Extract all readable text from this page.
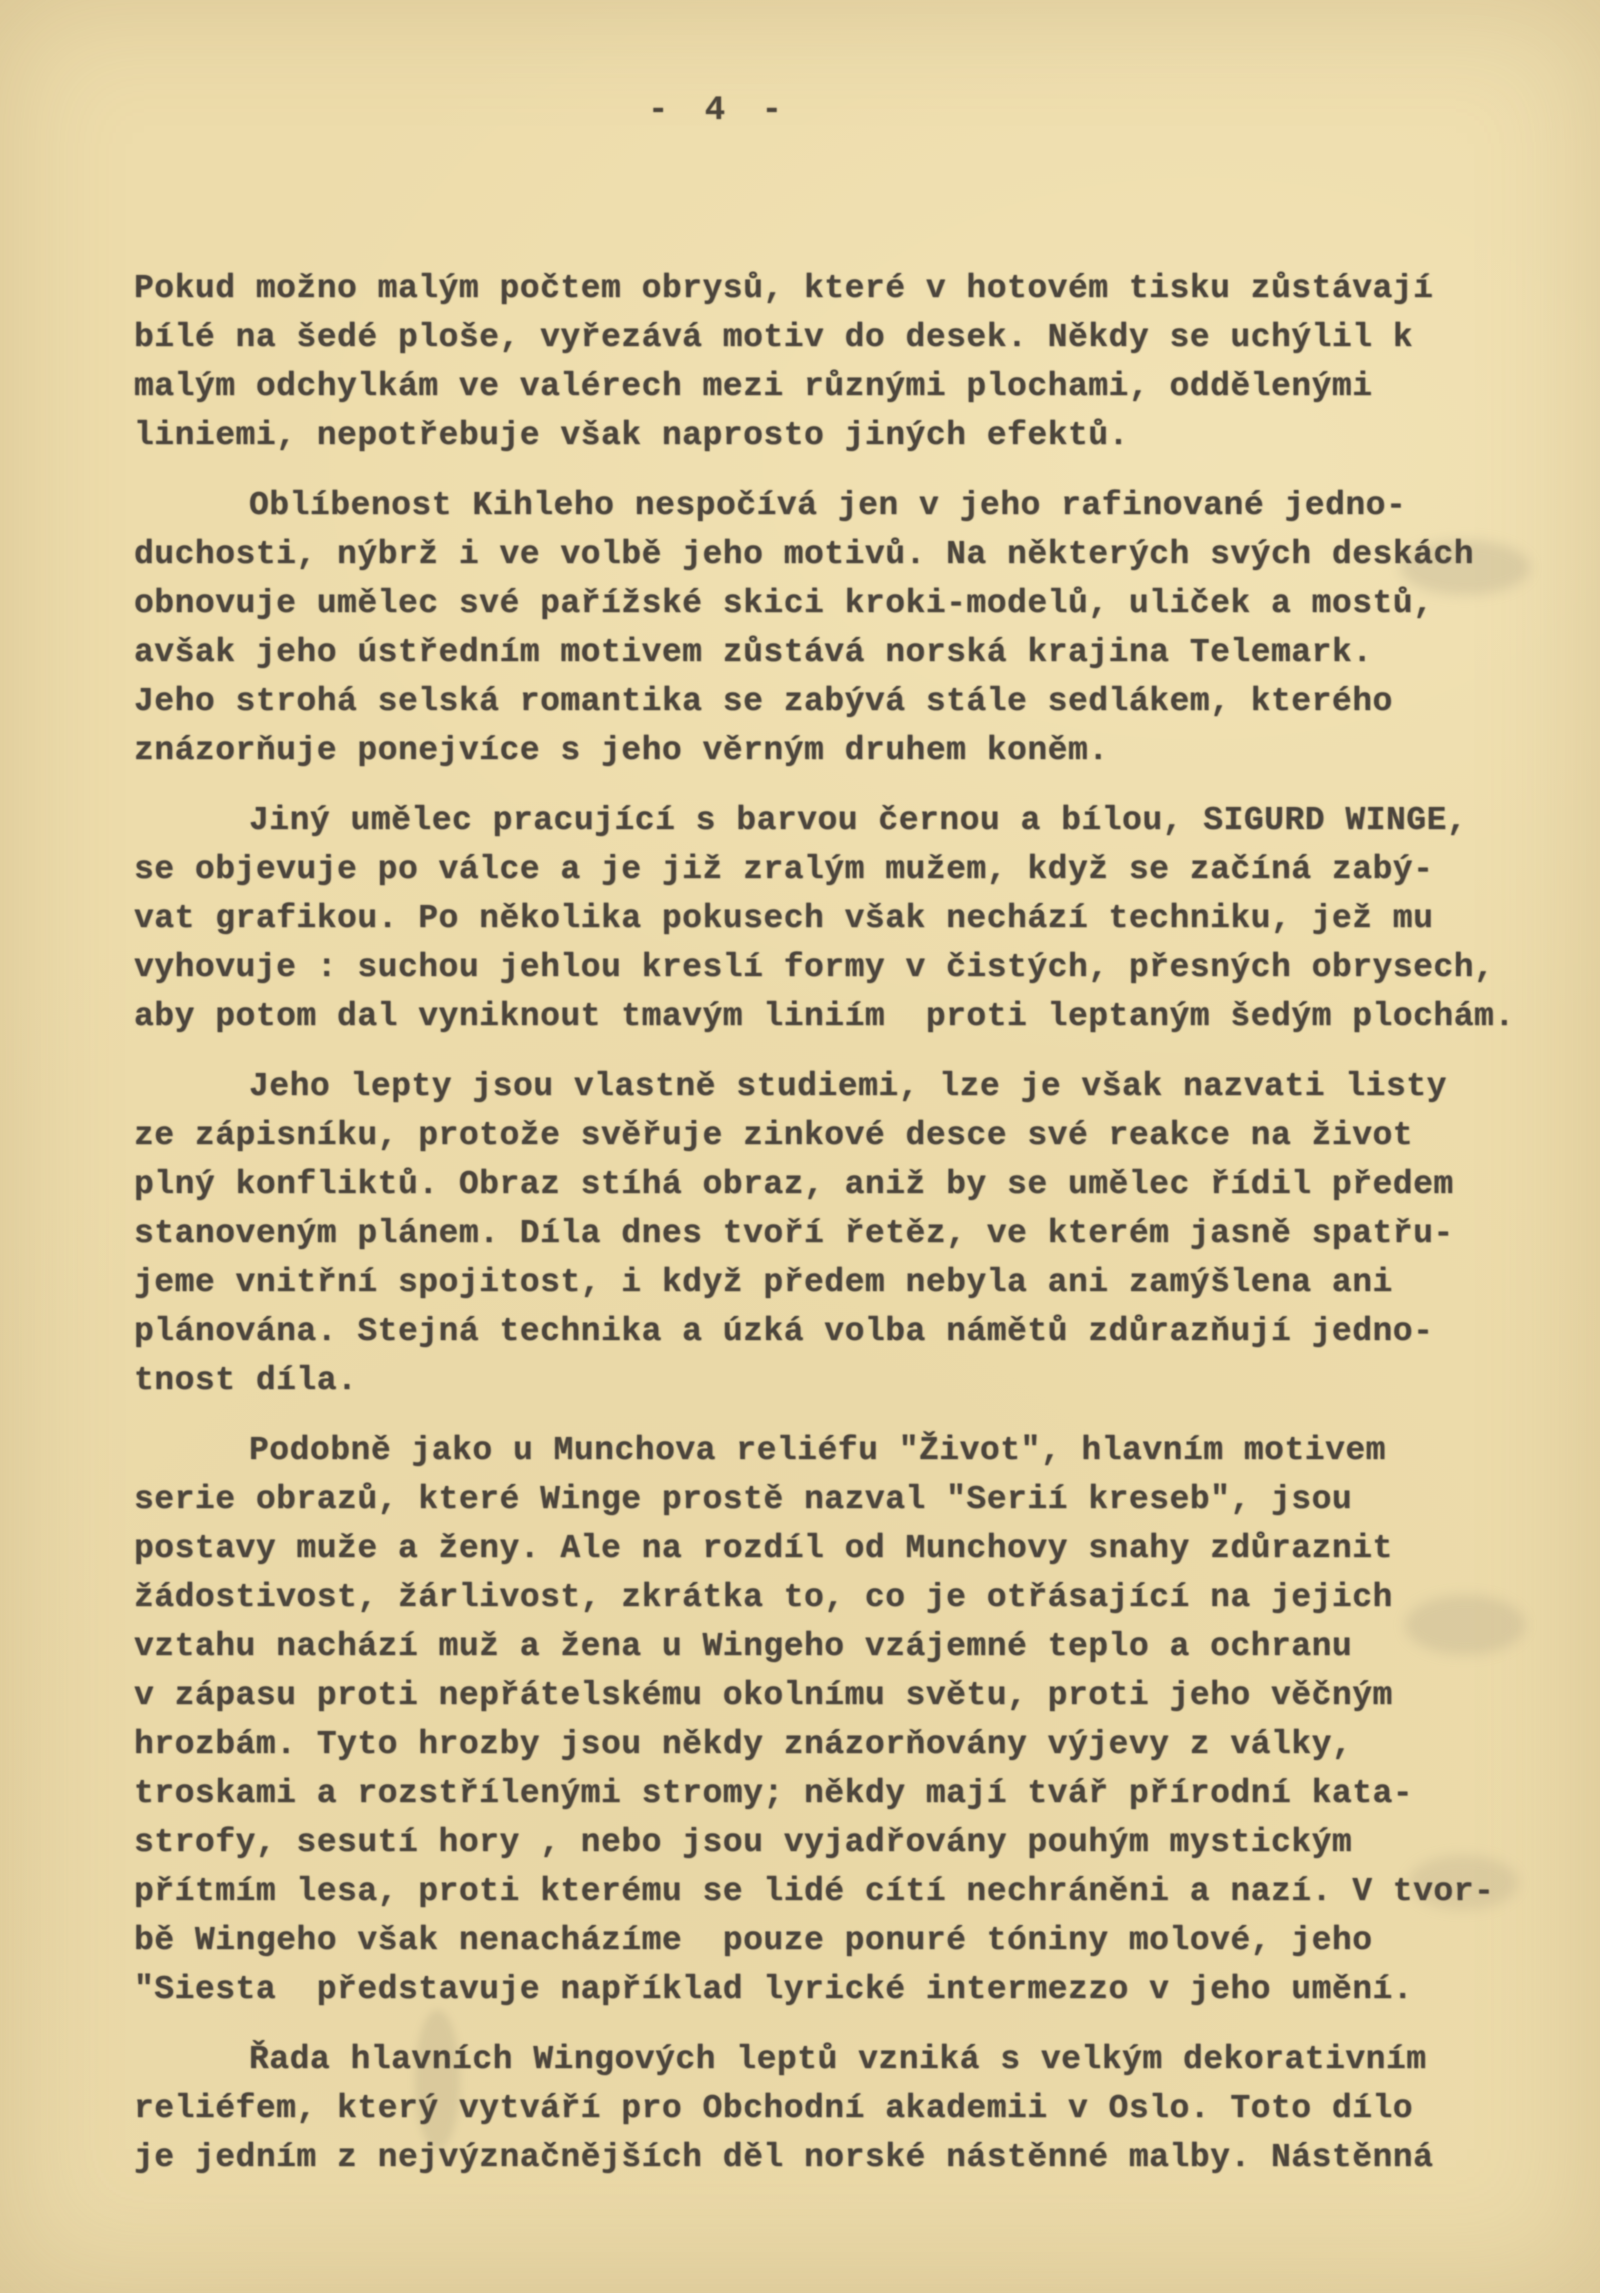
- 4 -

Pokud možno malým počtem obrysů, které v hotovém tisku zůstávají
bílé na šedé ploše, vyřezává motiv do desek. Někdy se uchýlil k
malým odchylkám ve valérech mezi různými plochami, oddělenými
liniemi, nepotřebuje však naprosto jiných efektů.

Oblíbenost Kihleho nespočívá jen v jeho rafinované jedno-
duchosti, nýbrž i ve volbě jeho motivů. Na některých svých deskách
obnovuje umělec své pařížské skici kroki-modelů, uliček a mostů,
avšak jeho ústředním motivem zůstává norská krajina Telemark.
Jeho strohá selská romantika se zabývá stále sedlákem, kterého
znázorňuje ponejvíce s jeho věrným druhem koněm.

Jiný umělec pracující s barvou černou a bílou, SIGURD WINGE,
se objevuje po válce a je již zralým mužem, když se začíná zabý-
vat grafikou. Po několika pokusech však nechází techniku, jež mu
vyhovuje : suchou jehlou kreslí formy v čistých, přesných obrysech,
aby potom dal vyniknout tmavým liniím  proti leptaným šedým plochám.

Jeho lepty jsou vlastně studiemi, lze je však nazvati listy
ze zápisníku, protože svěřuje zinkové desce své reakce na život
plný konfliktů. Obraz stíhá obraz, aniž by se umělec řídil předem
stanoveným plánem. Díla dnes tvoří řetěz, ve kterém jasně spatřu-
jeme vnitřní spojitost, i když předem nebyla ani zamýšlena ani
plánována. Stejná technika a úzká volba námětů zdůrazňují jedno-
tnost díla.

Podobně jako u Munchova reliéfu "Život", hlavním motivem
serie obrazů, které Winge prostě nazval "Serií kreseb", jsou
postavy muže a ženy. Ale na rozdíl od Munchovy snahy zdůraznit
žádostivost, žárlivost, zkrátka to, co je otřásající na jejich
vztahu nachází muž a žena u Wingeho vzájemné teplo a ochranu
v zápasu proti nepřátelskému okolnímu světu, proti jeho věčným
hrozbám. Tyto hrozby jsou někdy znázorňovány výjevy z války,
troskami a rozstřílenými stromy; někdy mají tvář přírodní kata-
strofy, sesutí hory , nebo jsou vyjadřovány pouhým mystickým
přítmím lesa, proti kterému se lidé cítí nechráněni a nazí. V tvor-
bě Wingeho však nenacházíme  pouze ponuré tóniny molové, jeho
"Siesta  představuje například lyrické intermezzo v jeho umění.

Řada hlavních Wingových leptů vzniká s velkým dekorativním
reliéfem, který vytváří pro Obchodní akademii v Oslo. Toto dílo
je jedním z nejvýznačnějších děl norské nástěnné malby. Nástěnná
